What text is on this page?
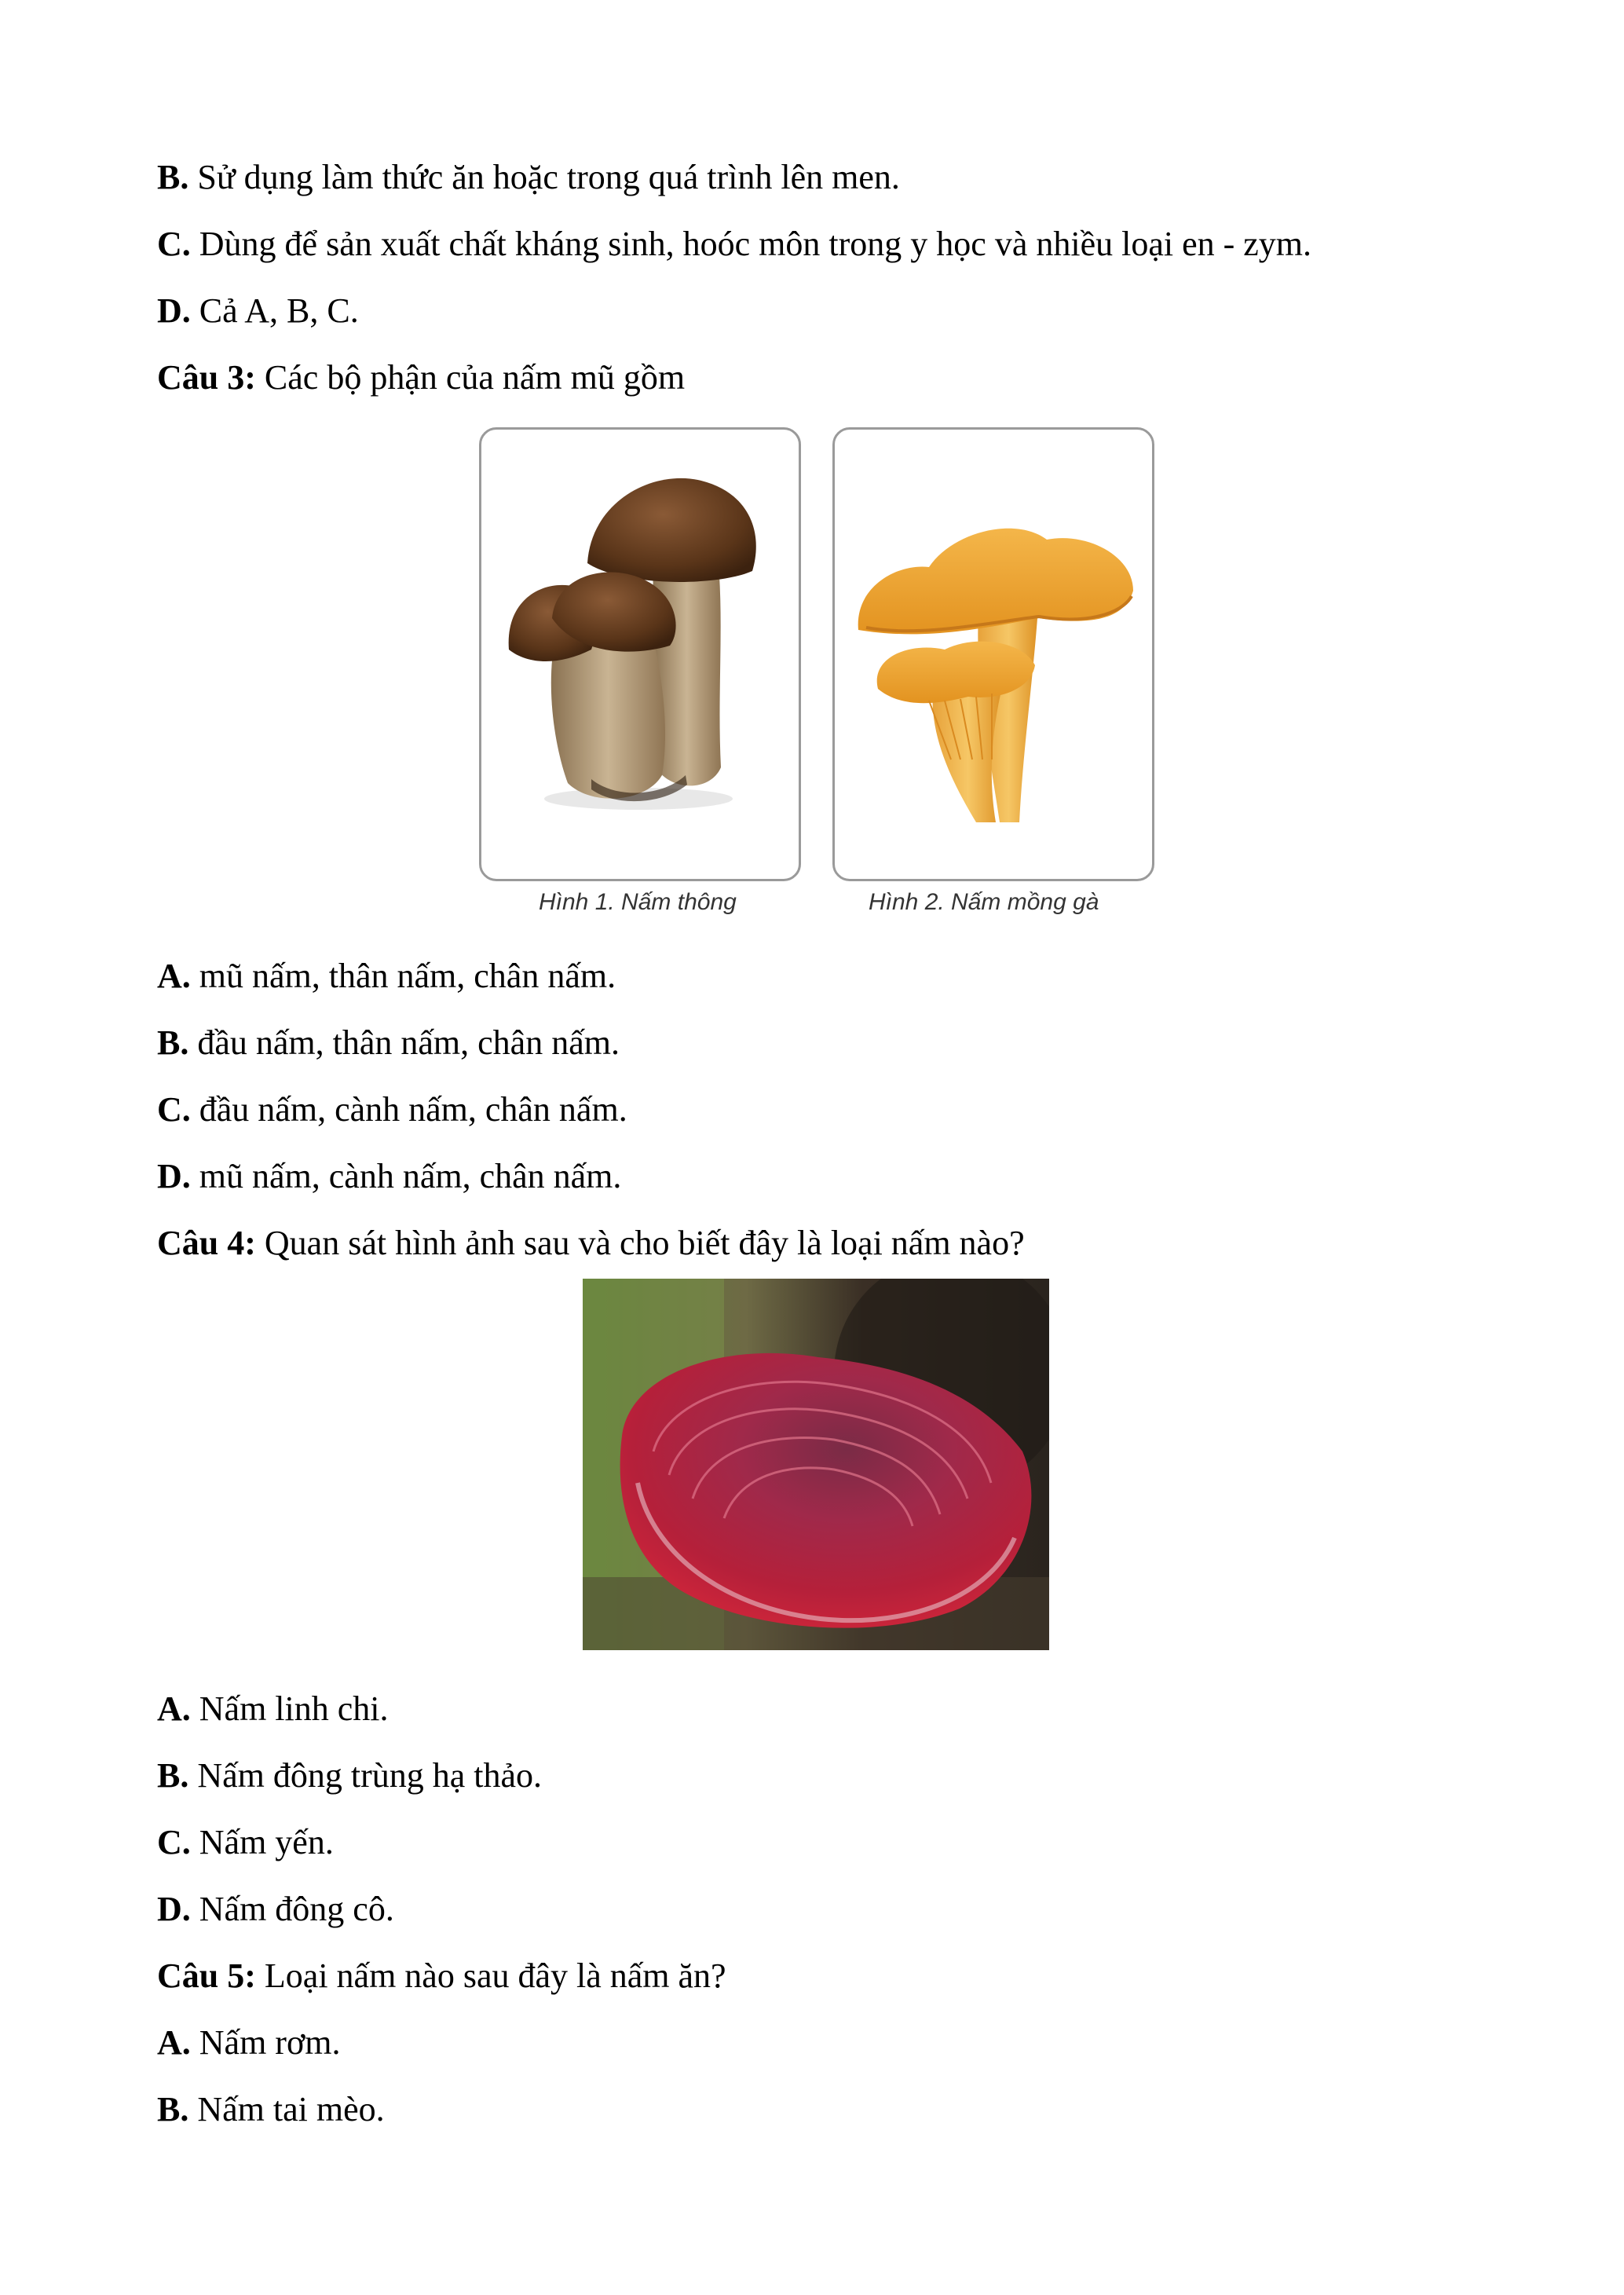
B. Sử dụng làm thức ăn hoặc trong quá trình lên men.
C. Dùng để sản xuất chất kháng sinh, hoóc môn trong y học và nhiều loại en - zym.
D. Cả A, B, C.
Câu 3: Các bộ phận của nấm mũ gồm
Hình 1. Nấm thông	Hình 2. Nấm mồng gà
A. mũ nấm, thân nấm, chân nấm.
B. đầu nấm, thân nấm, chân nấm.
C. đầu nấm, cành nấm, chân nấm.
D. mũ nấm, cành nấm, chân nấm.
Câu 4: Quan sát hình ảnh sau và cho biết đây là loại nấm nào?
A. Nấm linh chi.
B. Nấm đông trùng hạ thảo.
C. Nấm yến.
D. Nấm đông cô.
Câu 5: Loại nấm nào sau đây là nấm ăn?
A. Nấm rơm.
B. Nấm tai mèo.
